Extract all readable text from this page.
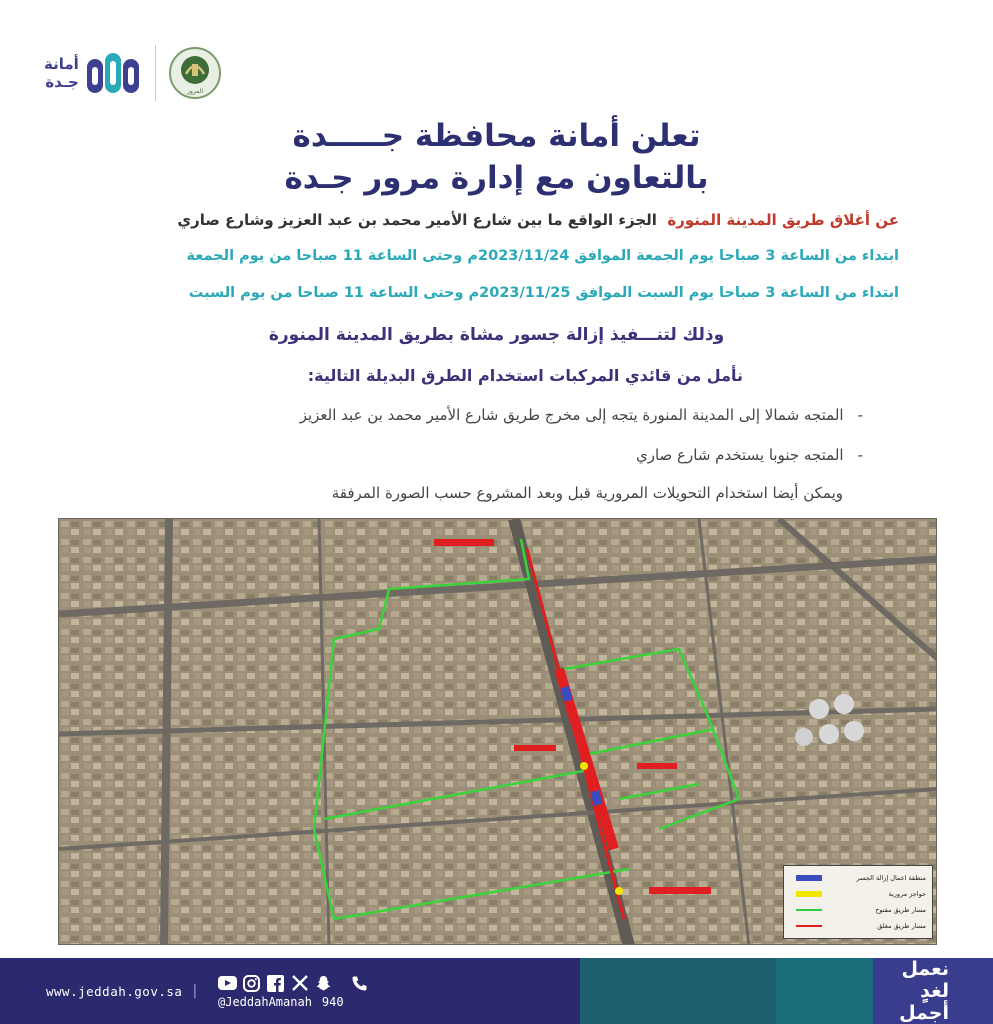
أمانة
جـدة
المرور
تعلن أمانة محافظة جـــــدة
بالتعاون مع إدارة مرور جـدة
عن أغلاق طريق المدينة المنورة  الجزء الواقع ما بين شارع الأمير محمد بن عبد العزيز وشارع صاري
ابتداء من الساعة 3 صباحا يوم الجمعة الموافق 2023/11/24م وحتى الساعة 11 صباحا من يوم الجمعة
ابتداء من الساعة 3 صباحا يوم السبت الموافق 2023/11/25م وحتى الساعة 11 صباحا من يوم السبت
وذلك لتنـــفيذ إزالة جسور مشاة بطريق المدينة المنورة
نأمل من قائدي المركبات استخدام الطرق البديلة التالية:
-المتجه شمالا إلى المدينة المنورة يتجه إلى مخرج طريق شارع الأمير محمد بن عبد العزيز
-المتجه جنوبا يستخدم شارع صاري
ويمكن أيضا استخدام التحويلات المرورية قبل وبعد المشروع حسب الصورة المرفقة
منطقة اعمال إزالة الجسر
حواجز مرورية
مسار طريق مفتوح
مسار طريق مغلق
www.jeddah.gov.sa |
@JeddahAmanah 940
نعمل لغدٍ أجمل
